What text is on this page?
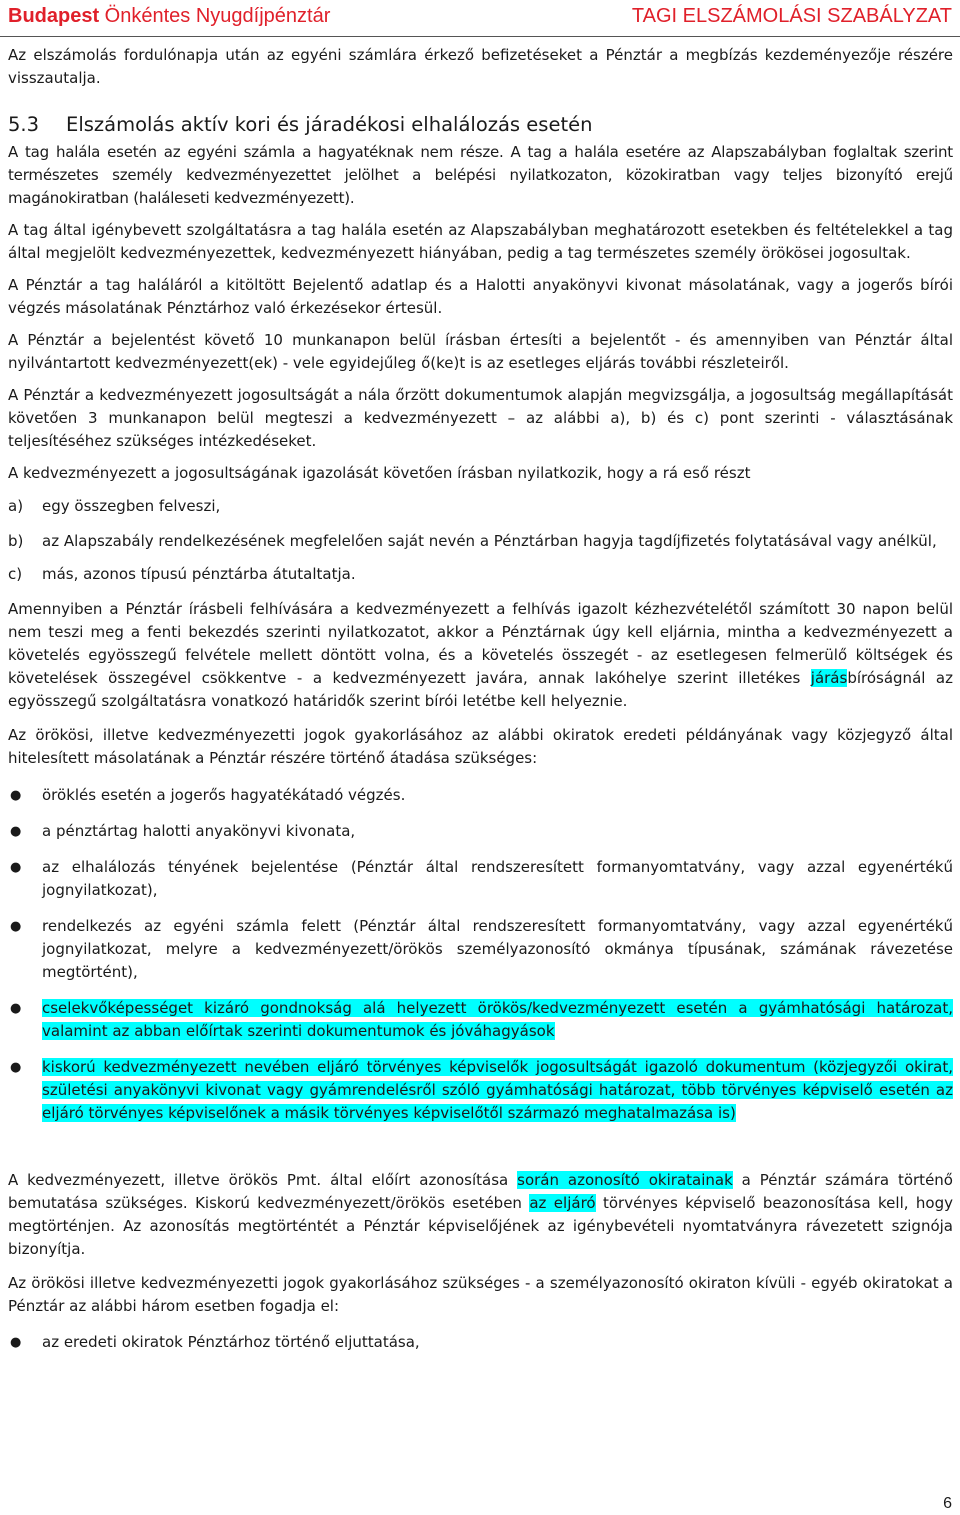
Budapest Önkéntes Nyugdíjpénztár	TAGI ELSZÁMOLÁSI SZABÁLYZAT

Az elszámolás fordulónapja után az egyéni számlára érkező befizetéseket a Pénztár a megbízás kezdeményezője részére visszautalja.

5.3 Elszámolás aktív kori és járadékosi elhalálozás esetén

A tag halála esetén az egyéni számla a hagyatéknak nem része. A tag a halála esetére az Alapszabályban foglaltak szerint természetes személy kedvezményezettet jelölhet a belépési nyilatkozaton, közokiratban vagy teljes bizonyító erejű magánokiratban (haláleseti kedvezményezett).

A tag által igénybevett szolgáltatásra a tag halála esetén az Alapszabályban meghatározott esetekben és feltételekkel a tag által megjelölt kedvezményezettek, kedvezményezett hiányában, pedig a tag természetes személy örökösei jogosultak.

A Pénztár a tag haláláról a kitöltött Bejelentő adatlap és a Halotti anyakönyvi kivonat másolatának, vagy a jogerős bírói végzés másolatának Pénztárhoz való érkezésekor értesül.

A Pénztár a bejelentést követő 10 munkanapon belül írásban értesíti a bejelentőt - és amennyiben van Pénztár által nyilvántartott kedvezményezett(ek) - vele egyidejűleg ő(ke)t is az esetleges eljárás további részleteiről.

A Pénztár a kedvezményezett jogosultságát a nála őrzött dokumentumok alapján megvizsgálja, a jogosultság megállapítását követően 3 munkanapon belül megteszi a kedvezményezett – az alábbi a), b) és c) pont szerinti - választásának teljesítéséhez szükséges intézkedéseket.

A kedvezményezett a jogosultságának igazolását követően írásban nyilatkozik, hogy a rá eső részt

a) egy összegben felveszi,
b) az Alapszabály rendelkezésének megfelelően saját nevén a Pénztárban hagyja tagdíjfizetés folytatásával vagy anélkül,
c) más, azonos típusú pénztárba átutaltatja.

Amennyiben a Pénztár írásbeli felhívására a kedvezményezett a felhívás igazolt kézhezvételétől számított 30 napon belül nem teszi meg a fenti bekezdés szerinti nyilatkozatot, akkor a Pénztárnak úgy kell eljárnia, mintha a kedvezményezett a követelés egyösszegű felvétele mellett döntött volna, és a követelés összegét - az esetlegesen felmerülő költségek és követelések összegével csökkentve - a kedvezményezett javára, annak lakóhelye szerint illetékes járásbíróságnál az egyösszegű szolgáltatásra vonatkozó határidők szerint bírói letétbe kell helyeznie.

Az örökösi, illetve kedvezményezetti jogok gyakorlásához az alábbi okiratok eredeti példányának vagy közjegyző által hitelesített másolatának a Pénztár részére történő átadása szükséges:

● öröklés esetén a jogerős hagyatékátadó végzés.
● a pénztártag halotti anyakönyvi kivonata,
● az elhalálozás tényének bejelentése (Pénztár által rendszeresített formanyomtatvány, vagy azzal egyenértékű jognyilatkozat),
● rendelkezés az egyéni számla felett (Pénztár által rendszeresített formanyomtatvány, vagy azzal egyenértékű jognyilatkozat, melyre a kedvezményezett/örökös személyazonosító okmánya típusának, számának rávezetése megtörtént),
● cselekvőképességet kizáró gondnokság alá helyezett örökös/kedvezményezett esetén a gyámhatósági határozat, valamint az abban előírtak szerinti dokumentumok és jóváhagyások
● kiskorú kedvezményezett nevében eljáró törvényes képviselők jogosultságát igazoló dokumentum (közjegyzői okirat, születési anyakönyvi kivonat vagy gyámrendelésről szóló gyámhatósági határozat, több törvényes képviselő esetén az eljáró törvényes képviselőnek a másik törvényes képviselőtől származó meghatalmazása is)

A kedvezményezett, illetve örökös Pmt. által előírt azonosítása során azonosító okiratainak a Pénztár számára történő bemutatása szükséges. Kiskorú kedvezményezett/örökös esetében az eljáró törvényes képviselő beazonosítása kell, hogy megtörténjen. Az azonosítás megtörténtét a Pénztár képviselőjének az igénybevételi nyomtatványra rávezetett szignója bizonyítja.

Az örökösi illetve kedvezményezetti jogok gyakorlásához szükséges - a személyazonosító okiraton kívüli - egyéb okiratokat a Pénztár az alábbi három esetben fogadja el:

● az eredeti okiratok Pénztárhoz történő eljuttatása,
6
